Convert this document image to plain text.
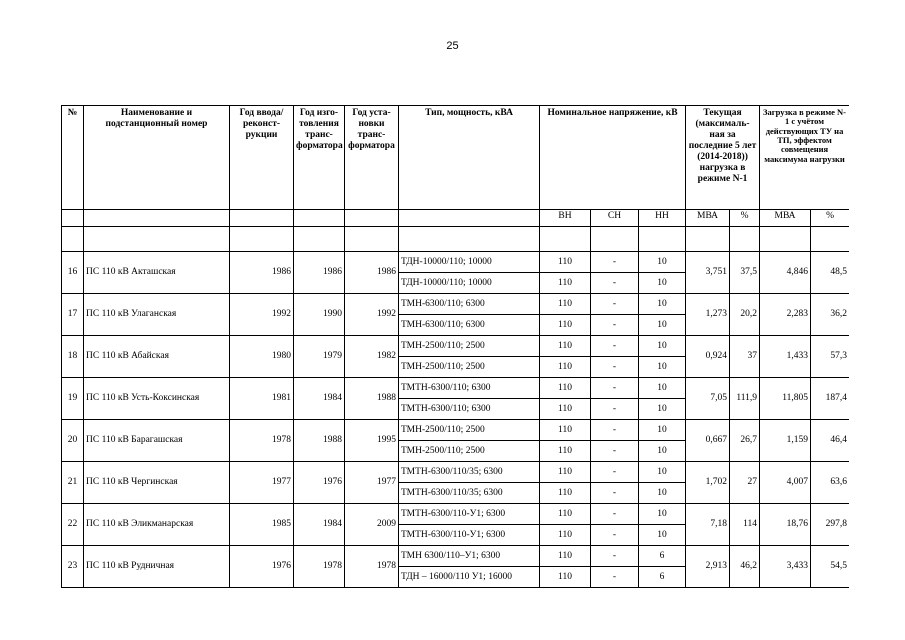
25
№	Наименование и подстанционный номер	Год ввода/ реконст-рукции	Год изго-товления транс-форматора	Год уста-новки транс-форматора	Тип, мощность, кВА	Номинальное напряжение, кВ			Текущая (максималь-ная за последние 5 лет (2014-2018)) нагрузка в режиме N-1		Загрузка в режиме N-1 с учётом действующих ТУ на ТП, эффектом совмещения максимума нагрузки	
						ВН	СН	НН	МВА	%	МВА	%

16	ПС 110 кВ Акташская	1986	1986	1986	ТДН-10000/110; 10000	110	-	10	3,751	37,5	4,846	48,5
					ТДН-10000/110; 10000	110	-	10				
17	ПС 110 кВ Улаганская	1992	1990	1992	ТМН-6300/110; 6300	110	-	10	1,273	20,2	2,283	36,2
					ТМН-6300/110; 6300	110	-	10				
18	ПС 110 кВ Абайская	1980	1979	1982	ТМН-2500/110; 2500	110	-	10	0,924	37	1,433	57,3
					ТМН-2500/110; 2500	110	-	10				
19	ПС 110 кВ Усть-Коксинская	1981	1984	1988	ТМТН-6300/110; 6300	110	-	10	7,05	111,9	11,805	187,4
					ТМТН-6300/110; 6300	110	-	10				
20	ПС 110 кВ Барагашская	1978	1988	1995	ТМН-2500/110; 2500	110	-	10	0,667	26,7	1,159	46,4
					ТМН-2500/110; 2500	110	-	10				
21	ПС 110 кВ Чергинская	1977	1976	1977	ТМТН-6300/110/35; 6300	110	-	10	1,702	27	4,007	63,6
					ТМТН-6300/110/35; 6300	110	-	10				
22	ПС 110 кВ Эликманарская	1985	1984	2009	ТМТН-6300/110-У1; 6300	110	-	10	7,18	114	18,76	297,8
					ТМТН-6300/110-У1; 6300	110	-	10				
23	ПС 110 кВ Рудничная	1976	1978	1978	ТМН 6300/110–У1; 6300	110	-	6	2,913	46,2	3,433	54,5
					ТДН – 16000/110 У1; 16000	110	-	6				
